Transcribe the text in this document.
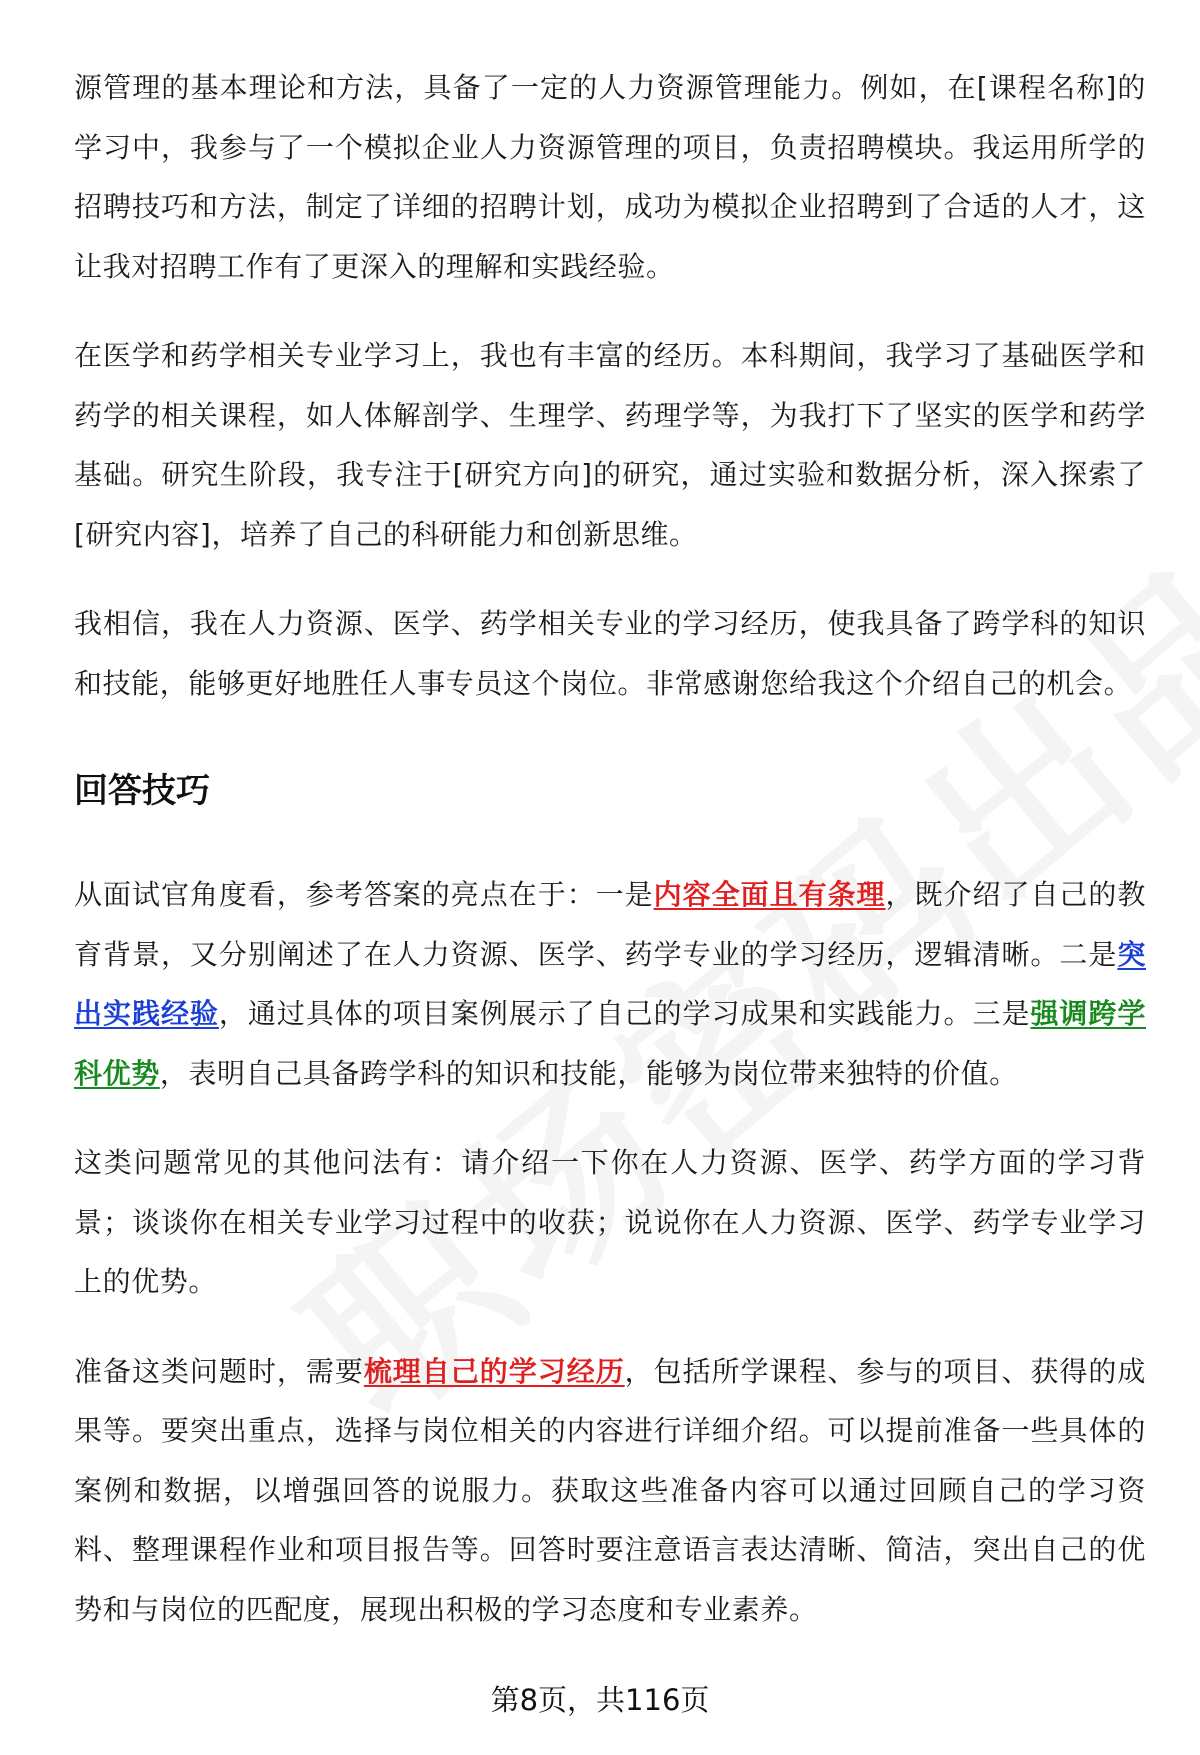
源管理的基本理论和方法，具备了一定的人力资源管理能力。例如，在[课程名称]的学习中，我参与了一个模拟企业人力资源管理的项目，负责招聘模块。我运用所学的招聘技巧和方法，制定了详细的招聘计划，成功为模拟企业招聘到了合适的人才，这让我对招聘工作有了更深入的理解和实践经验。

在医学和药学相关专业学习上，我也有丰富的经历。本科期间，我学习了基础医学和药学的相关课程，如人体解剖学、生理学、药理学等，为我打下了坚实的医学和药学基础。研究生阶段，我专注于[研究方向]的研究，通过实验和数据分析，深入探索了[研究内容]，培养了自己的科研能力和创新思维。

我相信，我在人力资源、医学、药学相关专业的学习经历，使我具备了跨学科的知识和技能，能够更好地胜任人事专员这个岗位。非常感谢您给我这个介绍自己的机会。

回答技巧

从面试官角度看，参考答案的亮点在于：一是内容全面且有条理，既介绍了自己的教育背景，又分别阐述了在人力资源、医学、药学专业的学习经历，逻辑清晰。二是突出实践经验，通过具体的项目案例展示了自己的学习成果和实践能力。三是强调跨学科优势，表明自己具备跨学科的知识和技能，能够为岗位带来独特的价值。

这类问题常见的其他问法有：请介绍一下你在人力资源、医学、药学方面的学习背景；谈谈你在相关专业学习过程中的收获；说说你在人力资源、医学、药学专业学习上的优势。

准备这类问题时，需要梳理自己的学习经历，包括所学课程、参与的项目、获得的成果等。要突出重点，选择与岗位相关的内容进行详细介绍。可以提前准备一些具体的案例和数据，以增强回答的说服力。获取这些准备内容可以通过回顾自己的学习资料、整理课程作业和项目报告等。回答时要注意语言表达清晰、简洁，突出自己的优势和与岗位的匹配度，展现出积极的学习态度和专业素养。

第8页，共116页
